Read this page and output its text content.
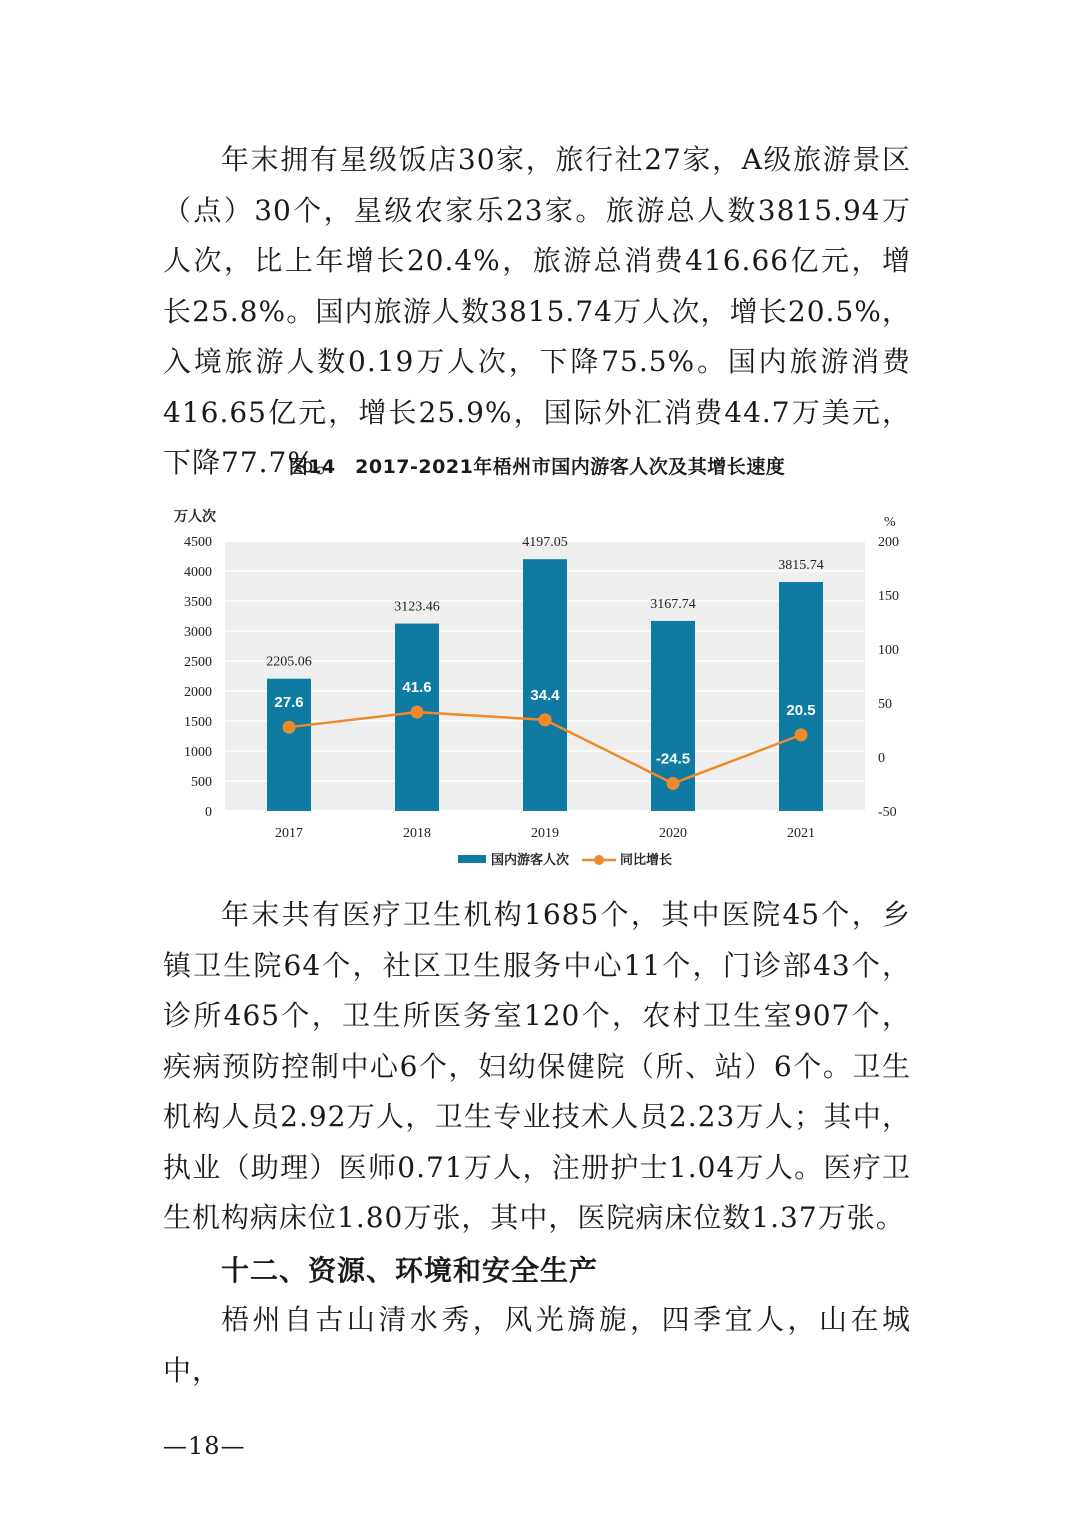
年末拥有星级饭店30家，旅行社27家，A级旅游景区（点）30个，星级农家乐23家。旅游总人数3815.94万人次，比上年增长20.4%，旅游总消费416.66亿元，增长25.8%。国内旅游人数3815.74万人次，增长20.5%，入境旅游人数0.19万人次，下降75.5%。国内旅游消费416.65亿元，增长25.9%，国际外汇消费44.7万美元，下降77.7%。

图14　2017-2021年梧州市国内游客人次及其增长速度

2205.06
3123.46
4197.05
3167.74
3815.74
27.6
41.6	34.4
-24.5
20.5
0
500
1000
1500
2000
2500
3000
3500
4000
4500
-50
0
50
100
150
200
万人次	%
2017	2018	2019	2020	2021
国内游客人次	同比增长

年末共有医疗卫生机构1685个，其中医院45个，乡镇卫生院64个，社区卫生服务中心11个，门诊部43个，诊所465个，卫生所医务室120个，农村卫生室907个，疾病预防控制中心6个，妇幼保健院（所、站）6个。卫生机构人员2.92万人，卫生专业技术人员2.23万人；其中，执业（助理）医师0.71万人，注册护士1.04万人。医疗卫生机构病床位1.80万张，其中，医院病床位数1.37万张。

十二、资源、环境和安全生产

梧州自古山清水秀，风光旖旎，四季宜人，山在城中，

—18—
